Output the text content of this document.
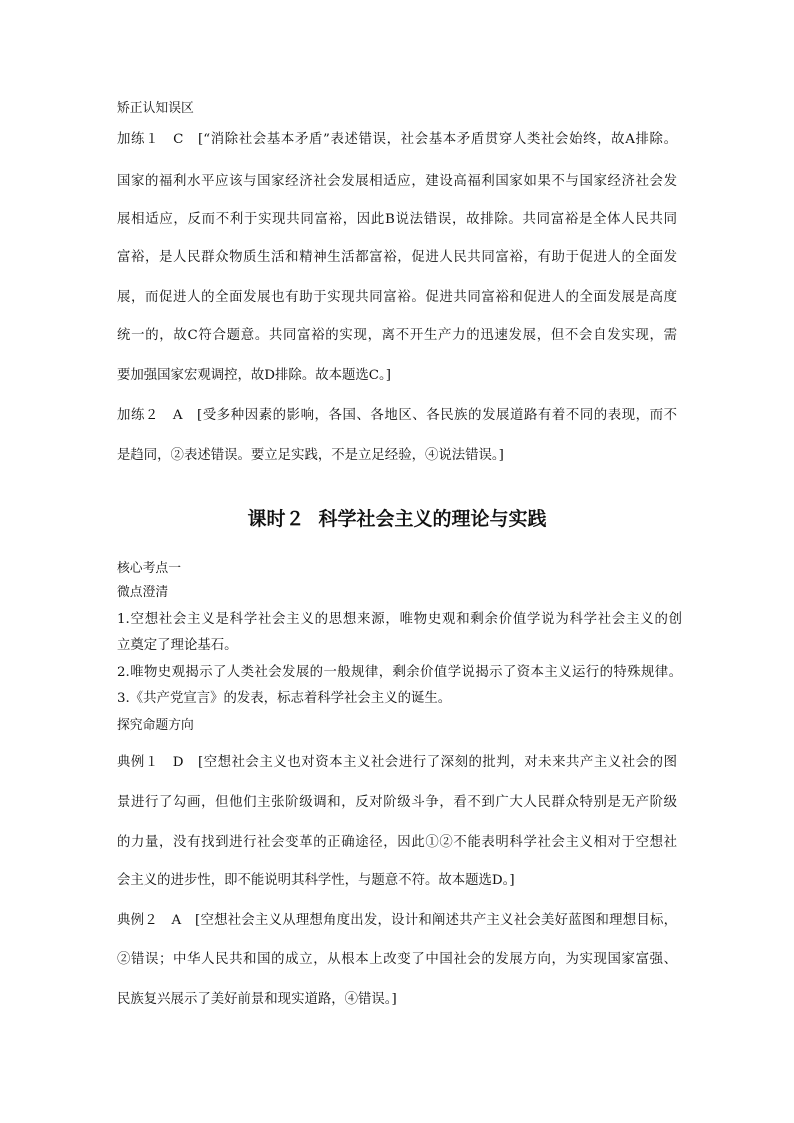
矫正认知误区
加练１　C　[“消除社会基本矛盾”表述错误，社会基本矛盾贯穿人类社会始终，故A排除。
国家的福利水平应该与国家经济社会发展相适应，建设高福利国家如果不与国家经济社会发
展相适应，反而不利于实现共同富裕，因此B说法错误，故排除。共同富裕是全体人民共同
富裕，是人民群众物质生活和精神生活都富裕，促进人民共同富裕，有助于促进人的全面发
展，而促进人的全面发展也有助于实现共同富裕。促进共同富裕和促进人的全面发展是高度
统一的，故C符合题意。共同富裕的实现，离不开生产力的迅速发展，但不会自发实现，需
要加强国家宏观调控，故D排除。故本题选C。]
加练２　A　[受多种因素的影响，各国、各地区、各民族的发展道路有着不同的表现，而不
是趋同，②表述错误。要立足实践，不是立足经验，④说法错误。]
课时２ 科学社会主义的理论与实践
核心考点一
微点澄清
1.空想社会主义是科学社会主义的思想来源，唯物史观和剩余价值学说为科学社会主义的创
立奠定了理论基石。
2.唯物史观揭示了人类社会发展的一般规律，剩余价值学说揭示了资本主义运行的特殊规律。
3.《共产党宣言》的发表，标志着科学社会主义的诞生。
探究命题方向
典例１　D　[空想社会主义也对资本主义社会进行了深刻的批判，对未来共产主义社会的图
景进行了勾画，但他们主张阶级调和，反对阶级斗争，看不到广大人民群众特别是无产阶级
的力量，没有找到进行社会变革的正确途径，因此①②不能表明科学社会主义相对于空想社
会主义的进步性，即不能说明其科学性，与题意不符。故本题选D。]
典例２　A　[空想社会主义从理想角度出发，设计和阐述共产主义社会美好蓝图和理想目标，
②错误；中华人民共和国的成立，从根本上改变了中国社会的发展方向，为实现国家富强、
民族复兴展示了美好前景和现实道路，④错误。]
